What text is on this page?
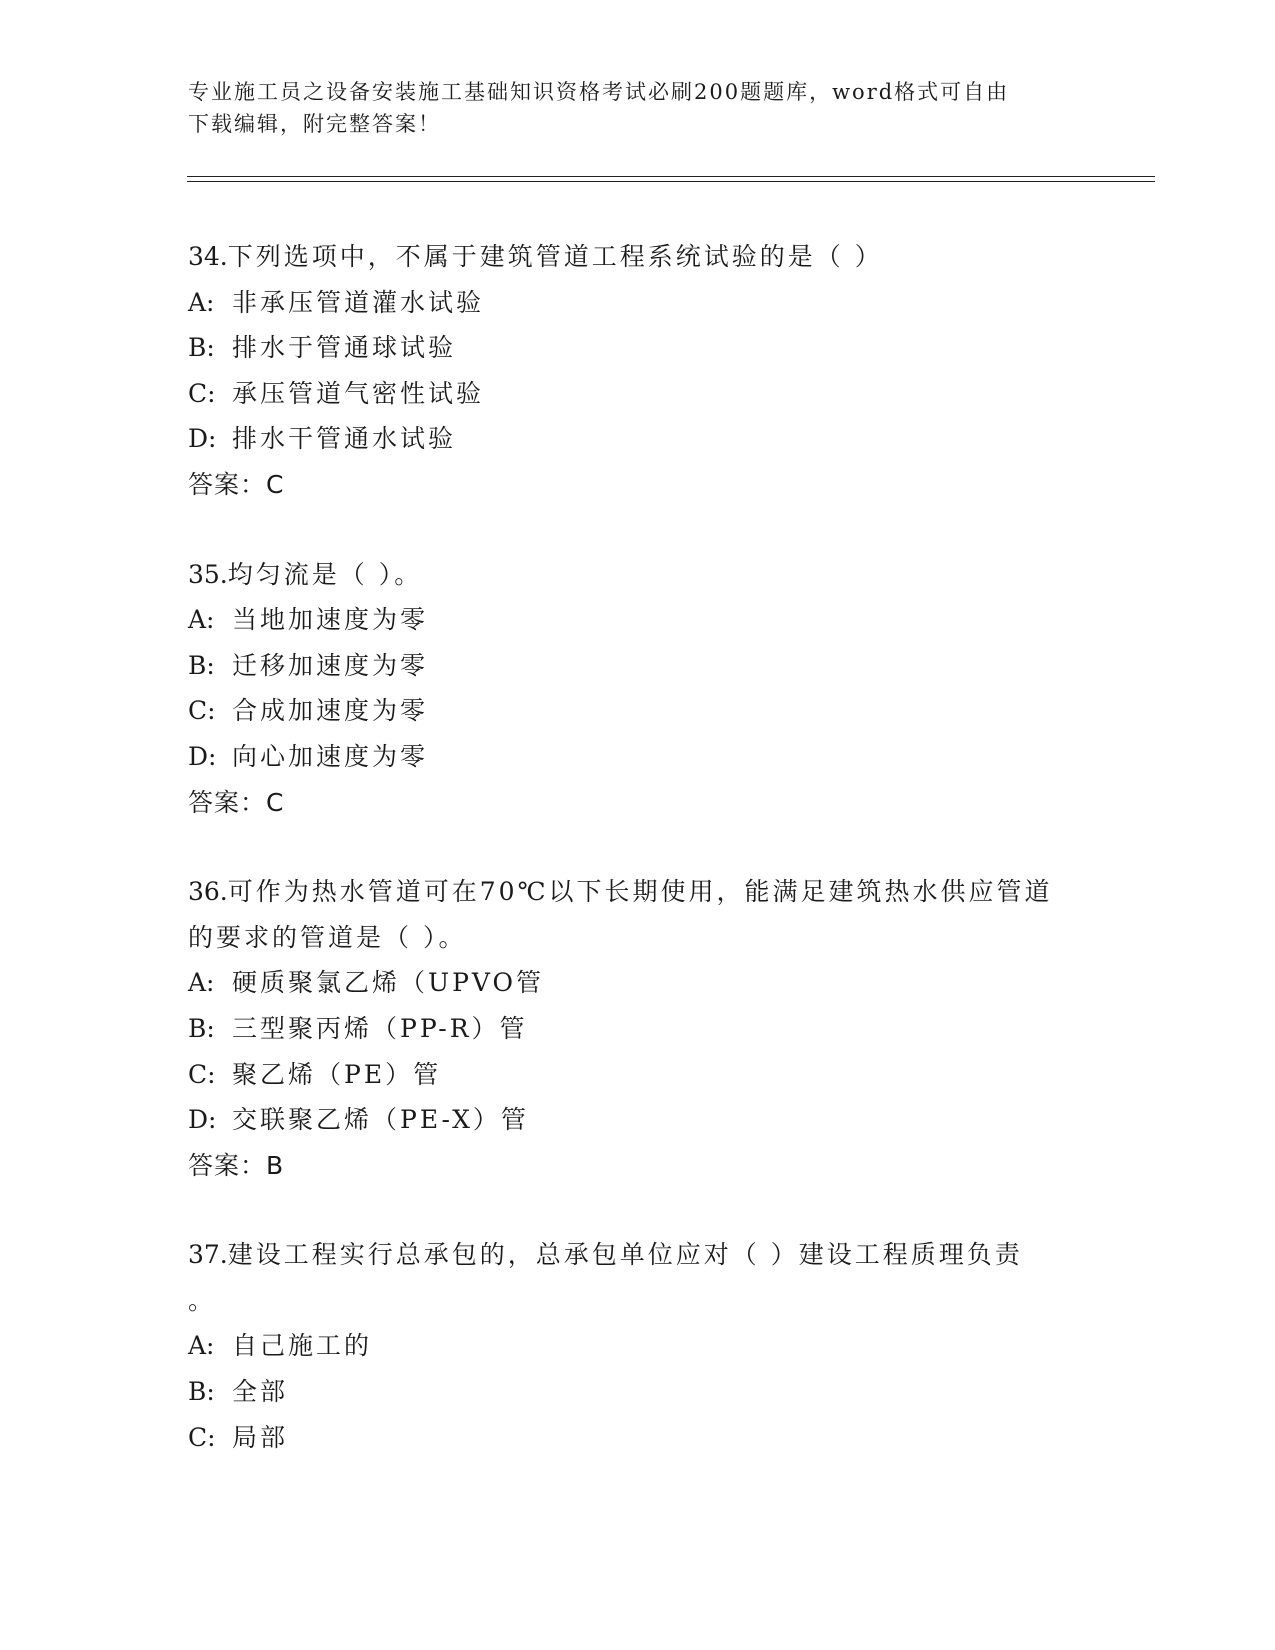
专业施工员之设备安装施工基础知识资格考试必刷200题题库，word格式可自由
下载编辑，附完整答案！
34.下列选项中，不属于建筑管道工程系统试验的是（ ）
A: 非承压管道灌水试验
B: 排水于管通球试验
C: 承压管道气密性试验
D: 排水干管通水试验
答案：C
35.均匀流是（ ）。
A: 当地加速度为零
B: 迁移加速度为零
C: 合成加速度为零
D: 向心加速度为零
答案：C
36.可作为热水管道可在70℃以下长期使用，能满足建筑热水供应管道
的要求的管道是（ ）。
A: 硬质聚氯乙烯（UPVO管
B: 三型聚丙烯（PP-R）管
C: 聚乙烯（PE）管
D: 交联聚乙烯（PE-X）管
答案：B
37.建设工程实行总承包的，总承包单位应对（ ）建设工程质理负责
。
A: 自己施工的
B: 全部
C: 局部
